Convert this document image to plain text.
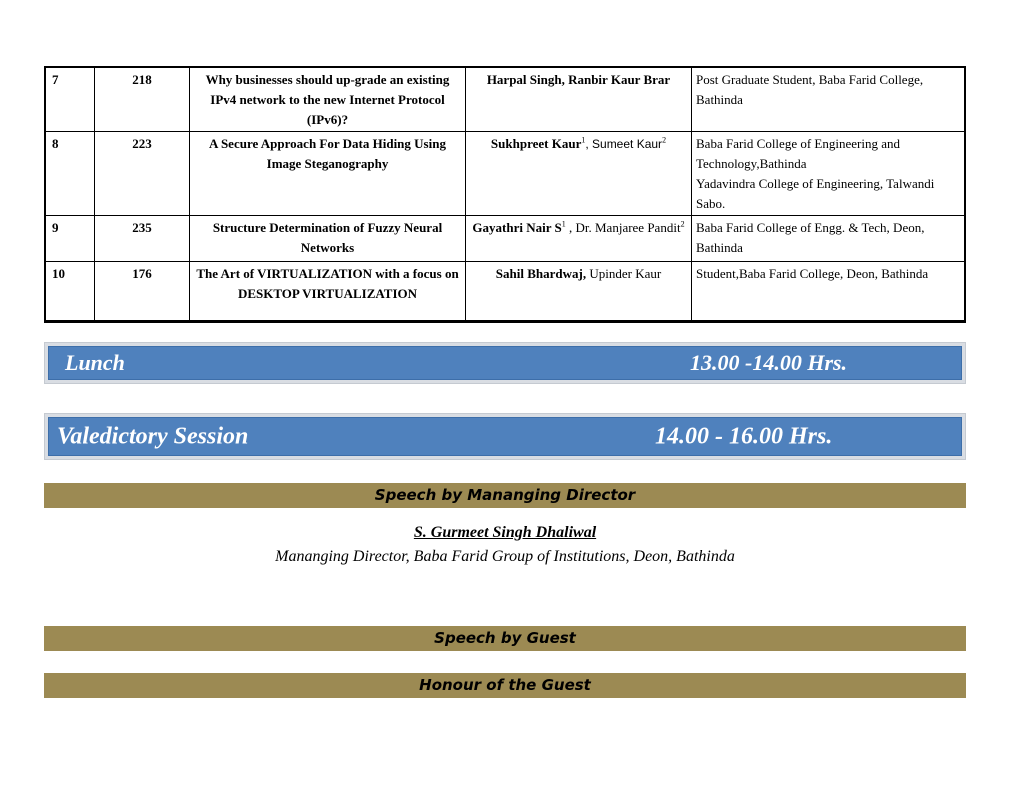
7	218	Why businesses should up-grade an existing IPv4 network to the new Internet Protocol (IPv6)?	Harpal Singh, Ranbir Kaur Brar	Post Graduate Student, Baba Farid College, Bathinda

8	223	A Secure Approach For Data Hiding Using Image Steganography	Sukhpreet Kaur$^1$, Sumeet Kaur$^2$	Baba Farid College of Engineering and Technology,Bathinda
Yadavindra College of Engineering, Talwandi Sabo.

9	235	Structure Determination of Fuzzy Neural Networks	Gayathri Nair $S^1$ , Dr. Manjaree Pandit$^2$	Baba Farid College of Engg. & Tech, Deon, Bathinda

10	176	The Art of VIRTUALIZATION with a focus on DESKTOP VIRTUALIZATION	Sahil Bhardwaj, Upinder Kaur	Student,Baba Farid College, Deon, Bathinda
Lunch	13.00 -14.00 Hrs.
Valedictory Session	14.00 - 16.00 Hrs.
Speech by Mananging Director
S. Gurmeet Singh Dhaliwal
Mananging Director, Baba Farid Group of Institutions, Deon, Bathinda
Speech by Guest
Honour of the Guest
